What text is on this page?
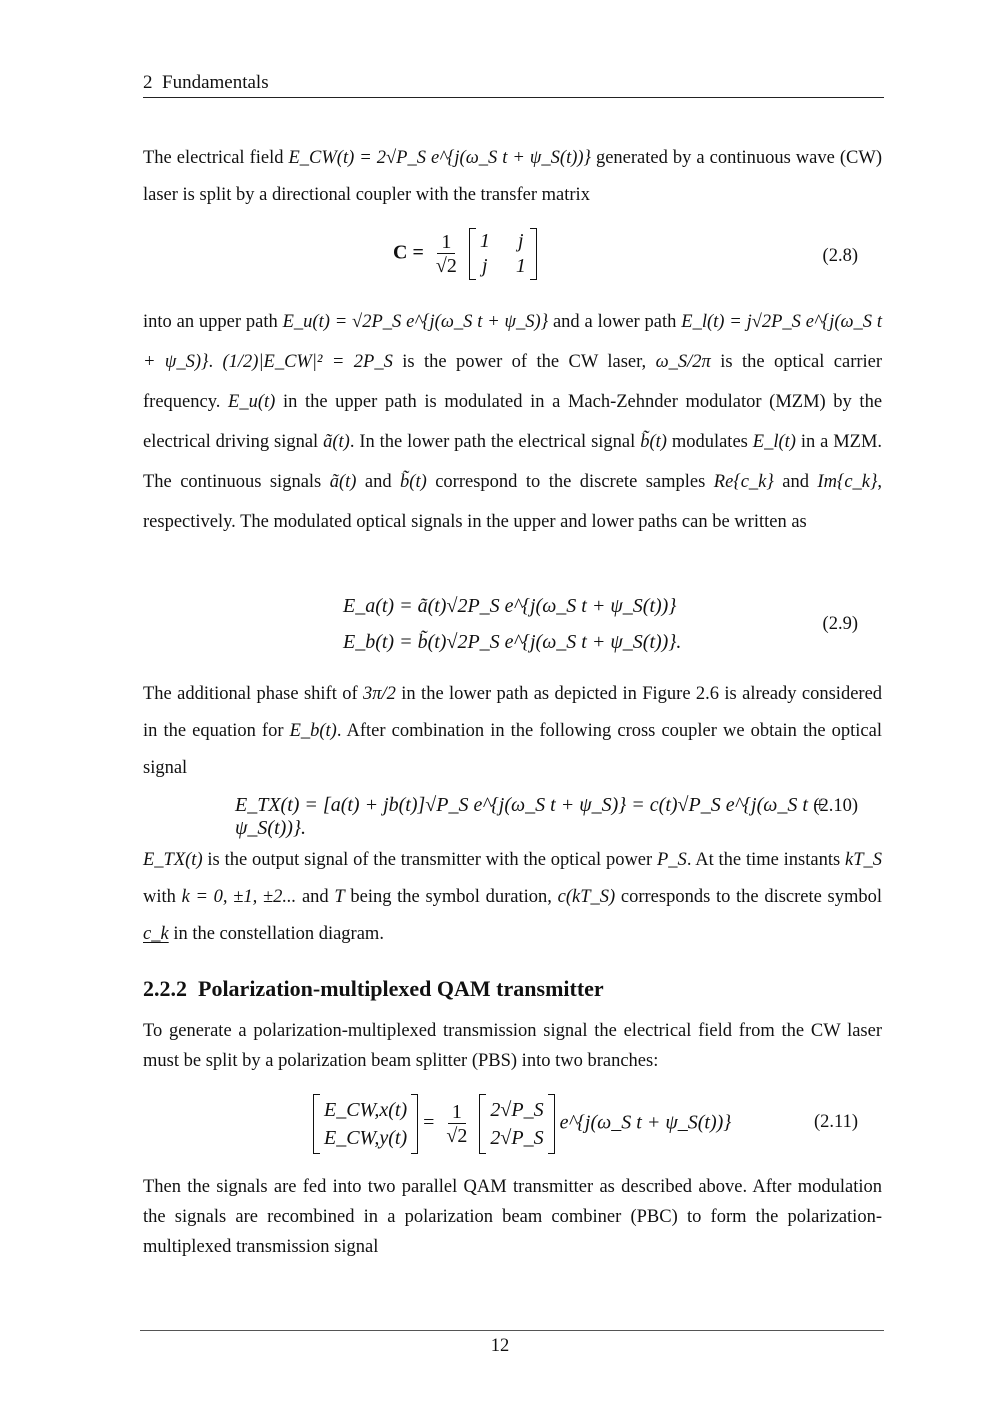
2 Fundamentals

The electrical field E_CW(t) = 2√P_S e^{j(ω_S t + ψ_S(t))} generated by a continuous wave (CW) laser is split by a directional coupler with the transfer matrix

$C = \frac{1}{√2}$
1 j
j 1	(2.8)

into an upper path E_u(t) = √2P_S e^{j(ω_S t + ψ_S)} and a lower path E_l(t) = j√2P_S e^{j(ω_S t + ψ_S)}. (1/2)|E_CW|² = 2P_S is the power of the CW laser, ω_S/2π is the optical carrier frequency. E_u(t) in the upper path is modulated in a Mach-Zehnder modulator (MZM) by the electrical driving signal ã(t). In the lower path the electrical signal b̃(t) modulates E_l(t) in a MZM. The continuous signals ã(t) and b̃(t) correspond to the discrete samples Re{c_k} and Im{c_k}, respectively. The modulated optical signals in the upper and lower paths can be written as

E_a(t) = ã(t)√2P_S e^{j(ω_S t + ψ_S(t))}
E_b(t) = b̃(t)√2P_S e^{j(ω_S t + ψ_S(t))}.
(2.9)

The additional phase shift of 3π/2 in the lower path as depicted in Figure 2.6 is already considered in the equation for E_b(t). After combination in the following cross coupler we obtain the optical signal

E_TX(t) = [a(t) + jb(t)]√P_S e^{j(ω_S t + ψ_S)} = c(t)√P_S e^{j(ω_S t + ψ_S(t))}.
(2.10)

E_TX(t) is the output signal of the transmitter with the optical power P_S. At the time instants kT_S with k = 0, ±1, ±2... and T being the symbol duration, c(kT_S) corresponds to the discrete symbol c_k in the constellation diagram.

2.2.2 Polarization-multiplexed QAM transmitter

To generate a polarization-multiplexed transmission signal the electrical field from the CW laser must be split by a polarization beam splitter (PBS) into two branches:

E_CW,x(t)
E_CW,y(t)
= $\frac{1}{√2}$
2√P_S
2√P_S
e^{j(ω_S t + ψ_S(t))}	(2.11)

Then the signals are fed into two parallel QAM transmitter as described above. After modulation the signals are recombined in a polarization beam combiner (PBC) to form the polarization-multiplexed transmission signal

12
